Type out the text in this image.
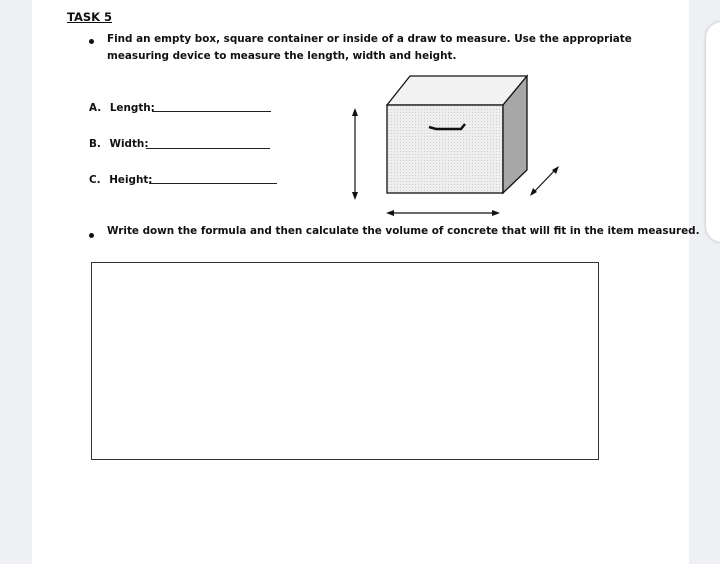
TASK 5
Find an empty box, square container or inside of a draw to measure. Use the appropriate measuring device to measure the length, width and height.
A. Length:
B. Width:
C. Height:
Write down the formula and then calculate the volume of concrete that will fit in the item measured.
